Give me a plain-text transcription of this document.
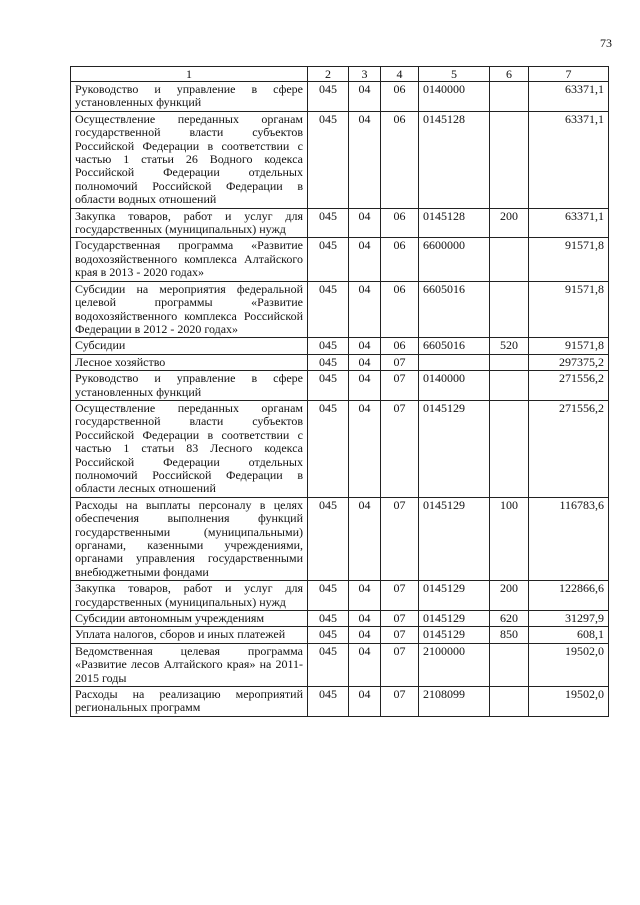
73
1	2	3	4	5	6	7
Руководство и управление в сфере установленных функций	045	04	06	0140000		63371,1
Осуществление переданных органам государственной власти субъектов Российской Федерации в соответствии с частью 1 статьи 26 Водного кодекса Российской Федерации отдельных полномочий Российской Федерации в области водных отношений	045	04	06	0145128		63371,1
Закупка товаров, работ и услуг для государственных (муниципальных) нужд	045	04	06	0145128	200	63371,1
Государственная программа «Развитие водохозяйственного комплекса Алтайского края в 2013 - 2020 годах»	045	04	06	6600000		91571,8
Субсидии на мероприятия федеральной целевой программы «Развитие водохозяйственного комплекса Российской Федерации в 2012 - 2020 годах»	045	04	06	6605016		91571,8
Субсидии	045	04	06	6605016	520	91571,8
Лесное хозяйство	045	04	07			297375,2
Руководство и управление в сфере установленных функций	045	04	07	0140000		271556,2
Осуществление переданных органам государственной власти субъектов Российской Федерации в соответствии с частью 1 статьи 83 Лесного кодекса Российской Федерации отдельных полномочий Российской Федерации в области лесных отношений	045	04	07	0145129		271556,2
Расходы на выплаты персоналу в целях обеспечения выполнения функций государственными (муниципальными) органами, казенными учреждениями, органами управления государственными внебюджетными фондами	045	04	07	0145129	100	116783,6
Закупка товаров, работ и услуг для государственных (муниципальных) нужд	045	04	07	0145129	200	122866,6
Субсидии автономным учреждениям	045	04	07	0145129	620	31297,9
Уплата налогов, сборов и иных платежей	045	04	07	0145129	850	608,1
Ведомственная целевая программа «Развитие лесов Алтайского края» на 2011-2015 годы	045	04	07	2100000		19502,0
Расходы на реализацию мероприятий региональных программ	045	04	07	2108099		19502,0
